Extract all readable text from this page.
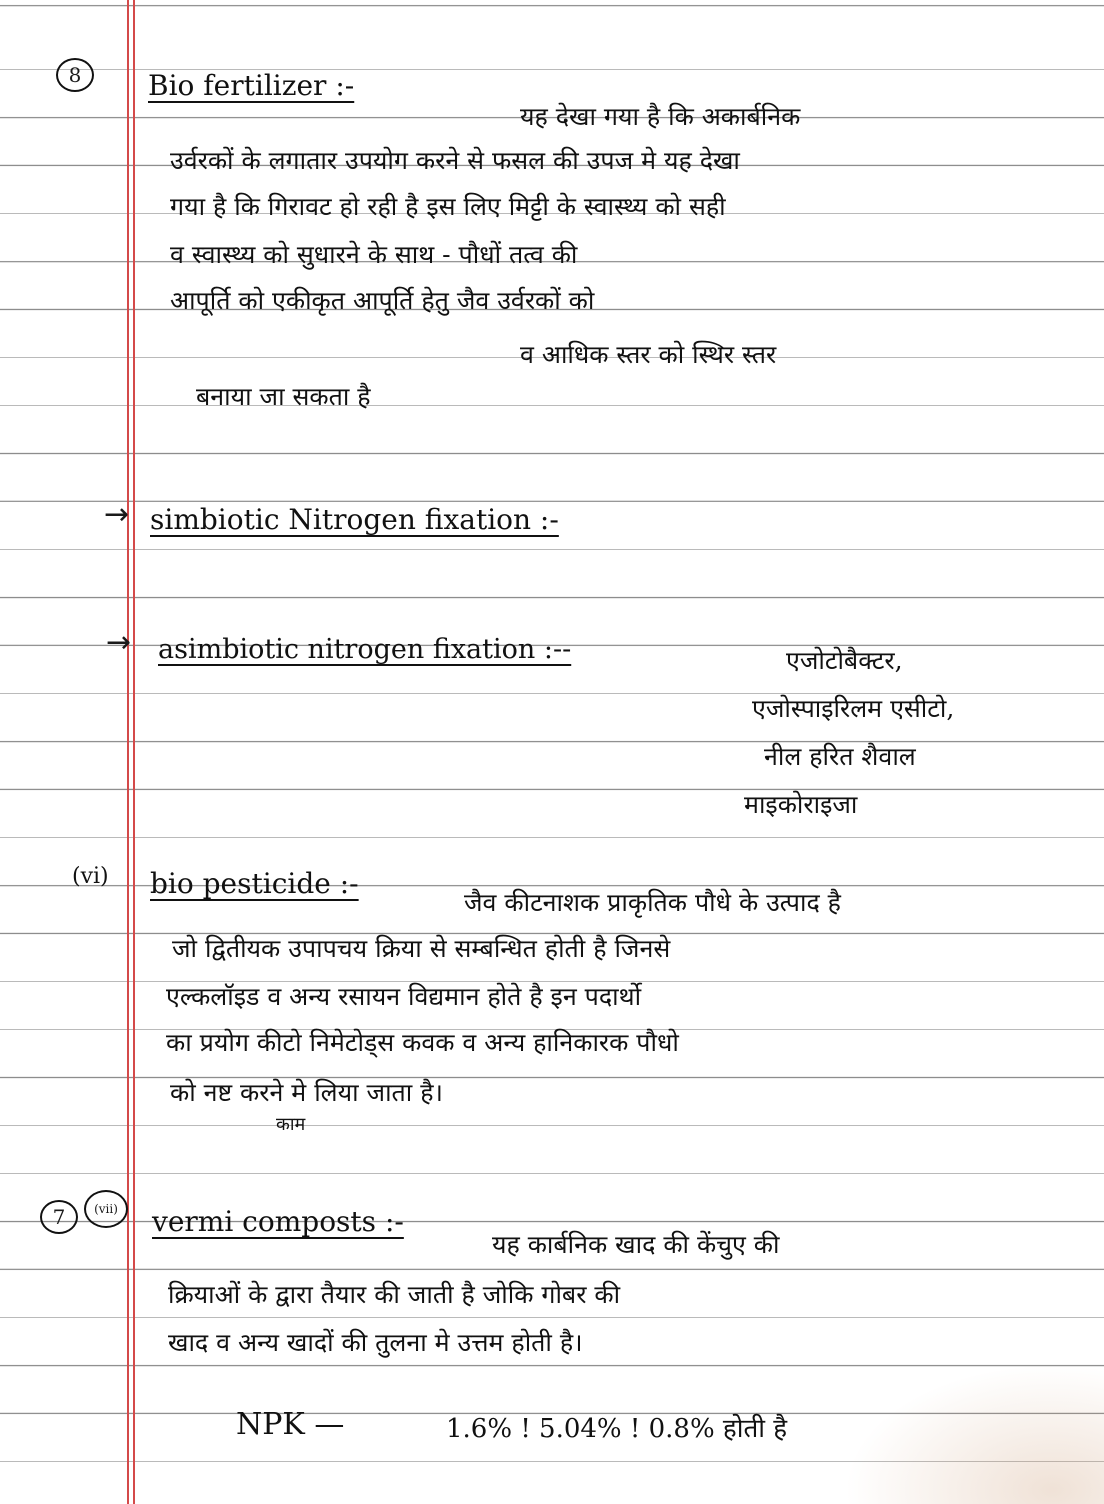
8	Bio fertilizer :-
यह देखा गया है कि अकार्बनिक
उर्वरकों के लगातार उपयोग करने से फसल की उपज मे यह देखा
गया है कि गिरावट हो रही है इस लिए मिट्टी के स्वास्थ्य को सही
व स्वास्थ्य को सुधारने के साथ - पौधों तत्व की
आपूर्ति को एकीकृत आपूर्ति हेतु जैव उर्वरकों को
व आधिक स्तर को स्थिर स्तर
बनाया जा सकता है
→ simbiotic Nitrogen fixation :-
→ asimbiotic nitrogen fixation :--	एजोटोबैक्टर,
एजोस्पाइरिलम एसीटो,
नील हरित शैवाल
माइकोराइजा
(vi) bio pesticide :-
जैव कीटनाशक प्राकृतिक पौधे के उत्पाद है
जो द्वितीयक उपापचय क्रिया से सम्बन्धित होती है जिनसे
एल्कलॉइड व अन्य रसायन विद्यमान होते है इन पदार्थो
का प्रयोग कीटो निमेटोड्स कवक व अन्य हानिकारक पौधो
को नष्ट करने मे लिया जाता है।
काम
7	(vii)	vermi composts :-
यह कार्बनिक खाद की केंचुए की
क्रियाओं के द्वारा तैयार की जाती है जोकि गोबर की
खाद व अन्य खादों की तुलना मे उत्तम होती है।
NPK —	1.6% ! 5.04% ! 0.8% होती है
